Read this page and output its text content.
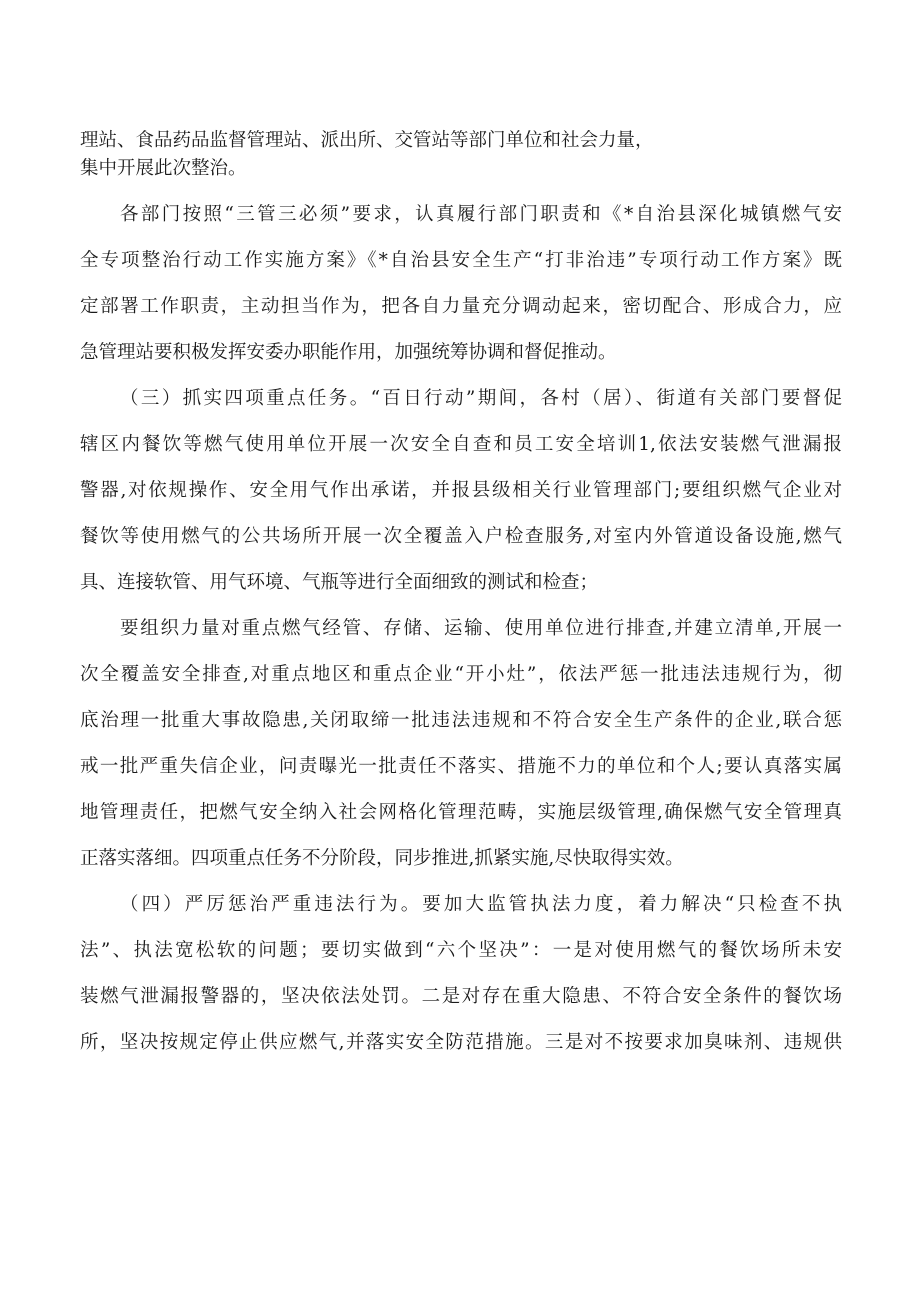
理站、食品药品监督管理站、派出所、交管站等部门单位和社会力量，
集中开展此次整治。
各部门按照“三管三必须”要求，认真履行部门职责和《*自治县深化城镇燃气安
全专项整治行动工作实施方案》《*自治县安全生产“打非治违”专项行动工作方案》既
定部署工作职责，主动担当作为，把各自力量充分调动起来，密切配合、形成合力，应
急管理站要积极发挥安委办职能作用，加强统筹协调和督促推动。
（三）抓实四项重点任务。“百日行动”期间，各村（居）、街道有关部门要督促
辖区内餐饮等燃气使用单位开展一次安全自查和员工安全培训1,依法安装燃气泄漏报
警器,对依规操作、安全用气作出承诺，并报县级相关行业管理部门;要组织燃气企业对
餐饮等使用燃气的公共场所开展一次全覆盖入户检查服务,对室内外管道设备设施,燃气
具、连接软管、用气环境、气瓶等进行全面细致的测试和检查；
要组织力量对重点燃气经管、存储、运输、使用单位进行排查,并建立清单,开展一
次全覆盖安全排查,对重点地区和重点企业“开小灶”，依法严惩一批违法违规行为，彻
底治理一批重大事故隐患,关闭取缔一批违法违规和不符合安全生产条件的企业,联合惩
戒一批严重失信企业，问责曝光一批责任不落实、措施不力的单位和个人;要认真落实属
地管理责任，把燃气安全纳入社会网格化管理范畴，实施层级管理,确保燃气安全管理真
正落实落细。四项重点任务不分阶段，同步推进,抓紧实施,尽快取得实效。
（四）严厉惩治严重违法行为。要加大监管执法力度，着力解决“只检查不执
法”、执法宽松软的问题；要切实做到“六个坚决”：一是对使用燃气的餐饮场所未安
装燃气泄漏报警器的，坚决依法处罚。二是对存在重大隐患、不符合安全条件的餐饮场
所，坚决按规定停止供应燃气,并落实安全防范措施。三是对不按要求加臭味剂、违规供
